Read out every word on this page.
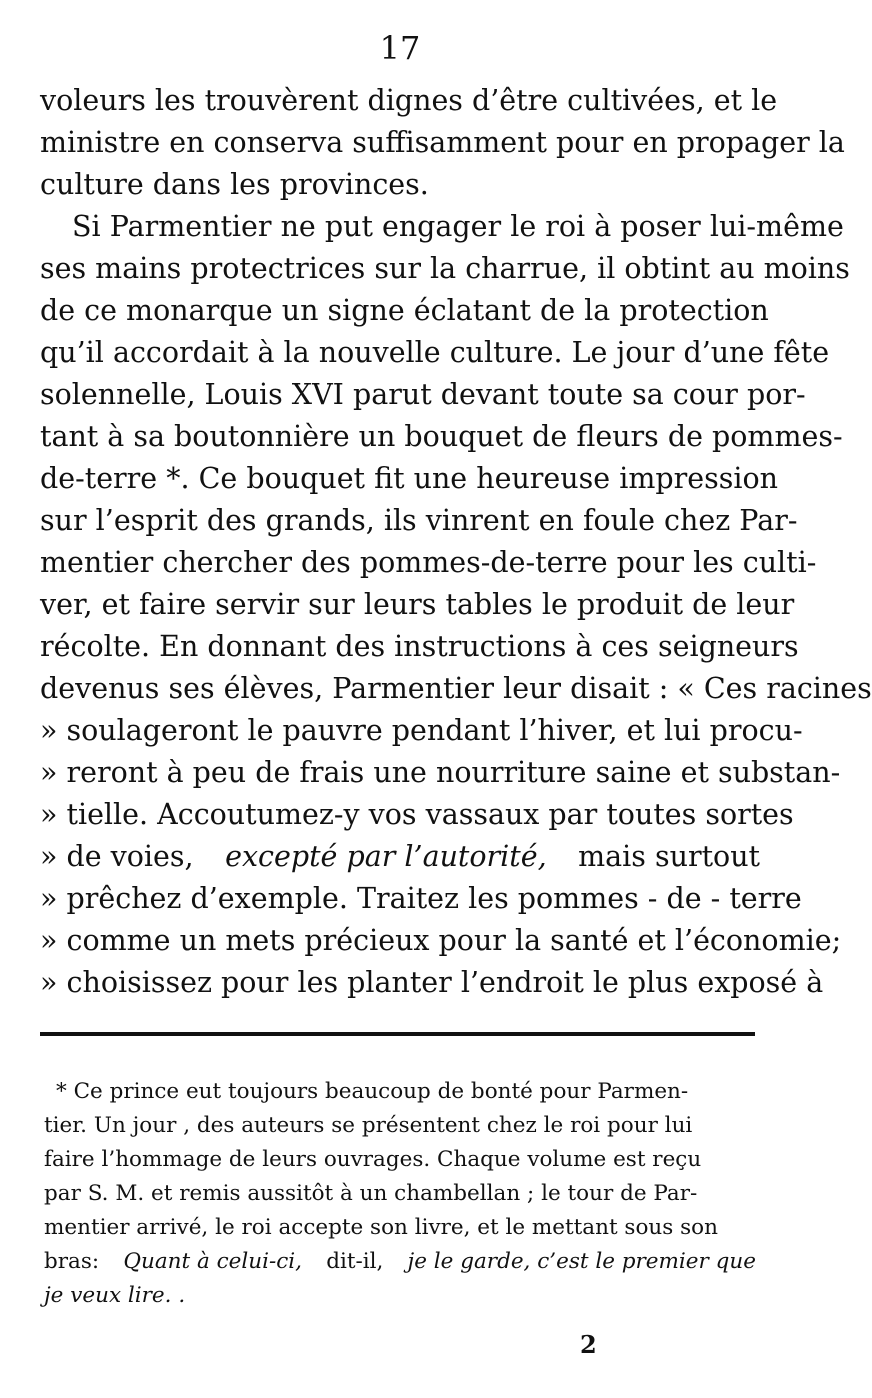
17
voleurs les trouvèrent dignes d’être cultivées, et le
ministre en conserva suffisamment pour en propager la
culture dans les provinces.
Si Parmentier ne put engager le roi à poser lui-même
ses mains protectrices sur la charrue, il obtint au moins
de ce monarque un signe éclatant de la protection
qu’il accordait à la nouvelle culture. Le jour d’une fête
solennelle, Louis XVI parut devant toute sa cour por-
tant à sa boutonnière un bouquet de fleurs de pommes-
de-terre *. Ce bouquet fit une heureuse impression
sur l’esprit des grands, ils vinrent en foule chez Par-
mentier chercher des pommes-de-terre pour les culti-
ver, et faire servir sur leurs tables le produit de leur
récolte. En donnant des instructions à ces seigneurs
devenus ses élèves, Parmentier leur disait : « Ces racines
» soulageront le pauvre pendant l’hiver, et lui procu-
» reront à peu de frais une nourriture saine et substan-
» tielle. Accoutumez-y vos vassaux par toutes sortes
» de voies, excepté par l’autorité, mais surtout
» prêchez d’exemple. Traitez les pommes - de - terre
» comme un mets précieux pour la santé et l’économie;
» choisissez pour les planter l’endroit le plus exposé à
* Ce prince eut toujours beaucoup de bonté pour Parmen-
tier. Un jour , des auteurs se présentent chez le roi pour lui
faire l’hommage de leurs ouvrages. Chaque volume est reçu
par S. M. et remis aussitôt à un chambellan ; le tour de Par-
mentier arrivé, le roi accepte son livre, et le mettant sous son
bras: Quant à celui-ci, dit-il, je le garde, c’est le premier que
je veux lire. .
2
